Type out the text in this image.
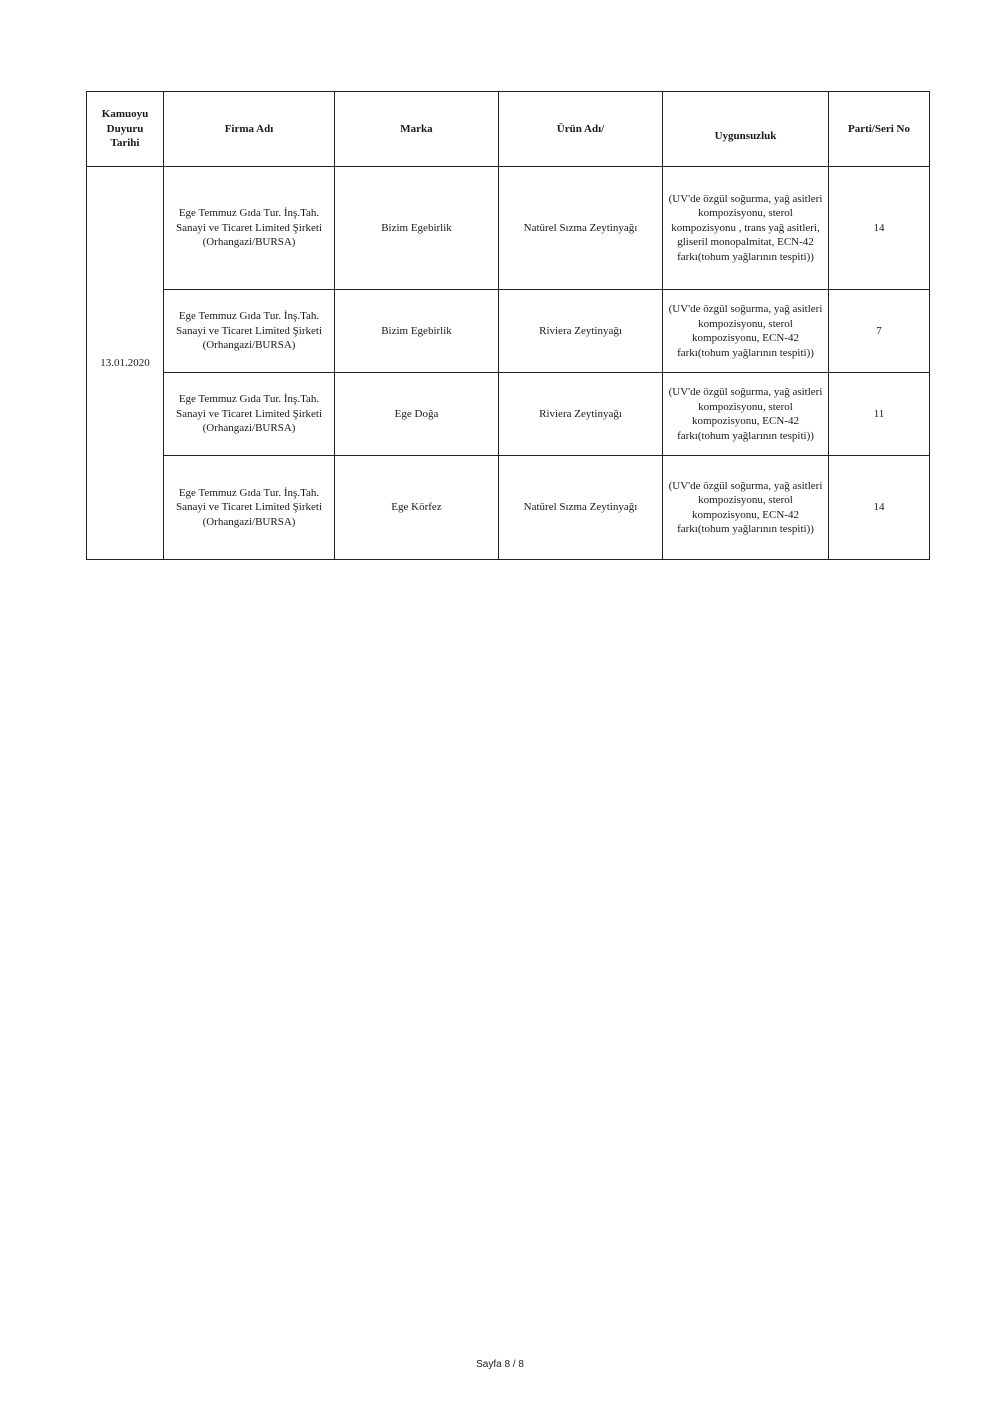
Kamuoyu Duyuru Tarihi	Firma Adı	Marka	Ürün Adı/	Uygunsuzluk	Parti/Seri No
13.01.2020	Ege Temmuz Gıda Tur. İnş.Tah. Sanayi ve Ticaret Limited Şirketi (Orhangazi/BURSA)	Bizim Egebirlik	Natürel Sızma Zeytinyağı	(UV'de özgül soğurma, yağ asitleri kompozisyonu, sterol kompozisyonu , trans yağ asitleri, gliseril monopalmitat, ECN-42 farkı(tohum yağlarının tespiti))	14
	Ege Temmuz Gıda Tur. İnş.Tah. Sanayi ve Ticaret Limited Şirketi (Orhangazi/BURSA)	Bizim Egebirlik	Riviera Zeytinyağı	(UV'de özgül soğurma, yağ asitleri kompozisyonu, sterol kompozisyonu, ECN-42 farkı(tohum yağlarının tespiti))	7
	Ege Temmuz Gıda Tur. İnş.Tah. Sanayi ve Ticaret Limited Şirketi (Orhangazi/BURSA)	Ege Doğa	Riviera Zeytinyağı	(UV'de özgül soğurma, yağ asitleri kompozisyonu, sterol kompozisyonu, ECN-42 farkı(tohum yağlarının tespiti))	11
	Ege Temmuz Gıda Tur. İnş.Tah. Sanayi ve Ticaret Limited Şirketi (Orhangazi/BURSA)	Ege Körfez	Natürel Sızma Zeytinyağı	(UV'de özgül soğurma, yağ asitleri kompozisyonu, sterol kompozisyonu, ECN-42 farkı(tohum yağlarının tespiti))	14
Sayfa 8 / 8
